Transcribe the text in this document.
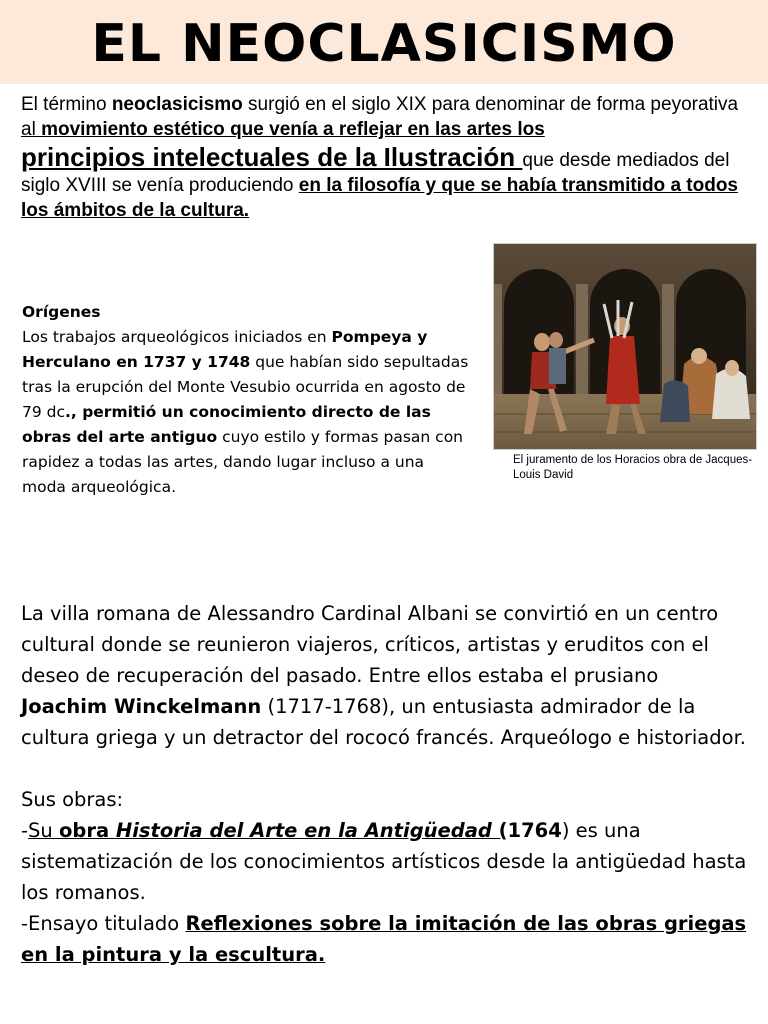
EL NEOCLASICISMO

El término neoclasicismo surgió en el siglo XIX para denominar de forma peyorativa al movimiento estético que venía a reflejar en las artes los
principios intelectuales de la Ilustración que desde mediados del siglo XVIII se venía produciendo en la filosofía y que se había transmitido a todos los ámbitos de la cultura.

Orígenes
Los trabajos arqueológicos iniciados en Pompeya y Herculano en 1737 y 1748 que habían sido sepultadas tras la erupción del Monte Vesubio ocurrida en agosto de 79 dc., permitió un conocimiento directo de las obras del arte antiguo cuyo estilo y formas pasan con rapidez a todas las artes, dando lugar incluso a una moda arqueológica.

El juramento de los Horacios obra de Jacques-Louis David

La villa romana de Alessandro Cardinal Albani se convirtió en un centro cultural donde se reunieron viajeros, críticos, artistas y eruditos con el deseo de recuperación del pasado. Entre ellos estaba el prusiano

Joachim Winckelmann (1717-1768), un entusiasta admirador de la cultura griega y un detractor del rococó francés. Arqueólogo e historiador.

Sus obras:

-Su obra Historia del Arte en la Antigüedad (1764) es una sistematización de los conocimientos artísticos desde la antigüedad hasta los romanos.

-Ensayo titulado Reflexiones sobre la imitación de las obras griegas en la pintura y la escultura.
